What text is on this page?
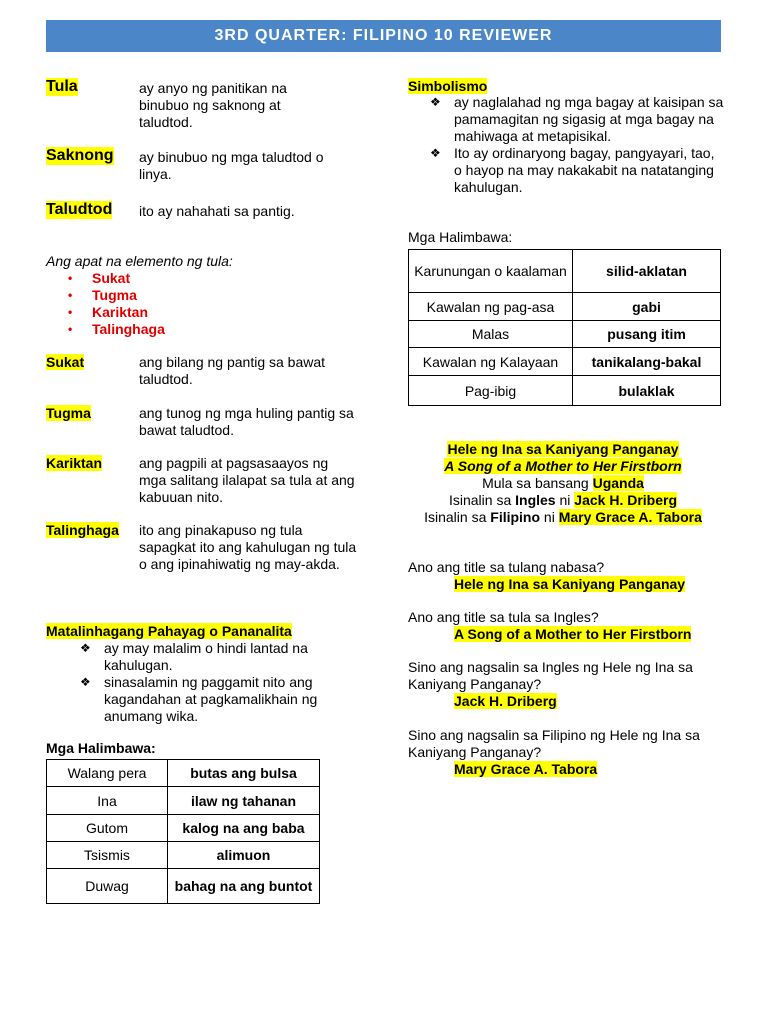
3RD QUARTER: FILIPINO 10 REVIEWER
Tula	ay anyo ng panitikan na binubuo ng saknong at taludtod.
Saknong ay binubuo ng mga taludtod o linya.
Taludtod ito ay nahahati sa pantig.
Ang apat na elemento ng tula:
• Sukat
• Tugma
• Kariktan
• Talinghaga
Sukat	ang bilang ng pantig sa bawat taludtod.
Tugma	ang tunog ng mga huling pantig sa bawat taludtod.
Kariktan	ang pagpili at pagsasaayos ng mga salitang ilalapat sa tula at ang kabuuan nito.
Talinghaga ito ang pinakapuso ng tula sapagkat ito ang kahulugan ng tula o ang ipinahiwatig ng may-akda.
Matalinhagang Pahayag o Pananalita
❖ ay may malalim o hindi lantad na kahulugan.
❖ sinasalamin ng paggamit nito ang kagandahan at pagkamalikhain ng anumang wika.
Mga Halimbawa:
Walang pera	butas ang bulsa
Ina	ilaw ng tahanan
Gutom	kalog na ang baba
Tsismis	alimuon
Duwag	bahag na ang buntot
Simbolismo
❖ ay naglalahad ng mga bagay at kaisipan sa pamamagitan ng sigasig at mga bagay na mahiwaga at metapisikal.
❖ Ito ay ordinaryong bagay, pangyayari, tao, o hayop na may nakakabit na natatanging kahulugan.
Mga Halimbawa:
Karunungan o kaalaman	silid-aklatan
Kawalan ng pag-asa	gabi
Malas	pusang itim
Kawalan ng Kalayaan	tanikalang-bakal
Pag-ibig	bulaklak
Hele ng Ina sa Kaniyang Panganay
A Song of a Mother to Her Firstborn
Mula sa bansang Uganda
Isinalin sa Ingles ni Jack H. Driberg
Isinalin sa Filipino ni Mary Grace A. Tabora
Ano ang title sa tulang nabasa?
Hele ng Ina sa Kaniyang Panganay
Ano ang title sa tula sa Ingles?
A Song of a Mother to Her Firstborn
Sino ang nagsalin sa Ingles ng Hele ng Ina sa Kaniyang Panganay?
Jack H. Driberg
Sino ang nagsalin sa Filipino ng Hele ng Ina sa Kaniyang Panganay?
Mary Grace A. Tabora
